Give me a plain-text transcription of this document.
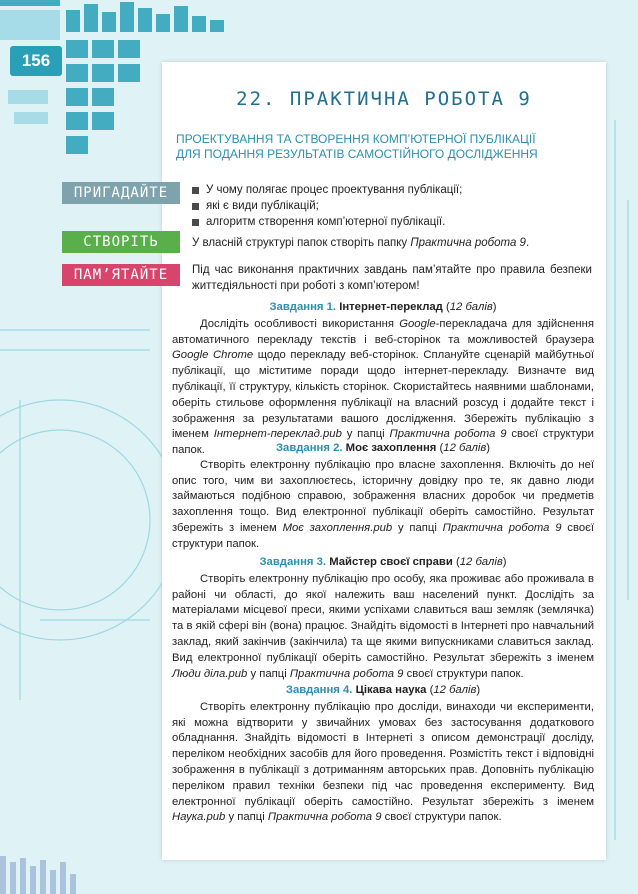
156
22. ПРАКТИЧНА РОБОТА 9
ПРОЕКТУВАННЯ ТА СТВОРЕННЯ КОМП’ЮТЕРНОЇ ПУБЛІКАЦІЇ
ДЛЯ ПОДАННЯ РЕЗУЛЬТАТІВ САМОСТІЙНОГО ДОСЛІДЖЕННЯ
ПРИГАДАЙТЕ	У чому полягає процес проектування публікації;
які є види публікацій;
алгоритм створення комп’ютерної публікації.
СТВОРІТЬ	У власній структурі папок створіть папку Практична робота 9.
ПАМ’ЯТАЙТЕ	Під час виконання практичних завдань пам’ятайте про правила безпеки життєдіяльності при роботі з комп’ютером!
Завдання 1. Інтернет-переклад (12 балів)

Дослідіть особливості використання Google-перекладача для здійснення автоматичного перекладу текстів і веб-сторінок та можливостей браузера Google Chrome щодо перекладу веб-сторінок. Сплануйте сценарій майбутньої публікації, що міститиме поради щодо інтернет-перекладу. Визначте вид публікації, її структуру, кількість сторінок. Скористайтесь наявними шаблонами, оберіть стильове оформлення публікації на власний розсуд і додайте текст і зображення за результатами вашого дослідження. Збережіть публікацію з іменем Інтернет-переклад.pub у папці Практична робота 9 своєї структури папок.	Завдання 2. Моє захоплення (12 балів)

Створіть електронну публікацію про власне захоплення. Включіть до неї опис того, чим ви захоплюєтесь, історичну довідку про те, як давно люди займаються подібною справою, зображення власних доробок чи предметів захоплення тощо. Вид електронної публікації оберіть самостійно. Результат збережіть з іменем Моє захоплення.pub у папці Практична робота 9 своєї структури папок.

Завдання 3. Майстер своєї справи (12 балів)

Створіть електронну публікацію про особу, яка проживає або проживала в районі чи області, до якої належить ваш населений пункт. Дослідіть за матеріалами місцевої преси, якими успіхами славиться ваш земляк (землячка) та в якій сфері він (вона) працює. Знайдіть відомості в Інтернеті про навчальний заклад, який закінчив (закінчила) та ще якими випускниками славиться заклад. Вид електронної публікації оберіть самостійно. Результат збережіть з іменем Люди діла.pub у папці Практична робота 9 своєї структури папок.

Завдання 4. Цікава наука (12 балів)

Створіть електронну публікацію про досліди, винаходи чи експерименти, які можна відтворити у звичайних умовах без застосування додаткового обладнання. Знайдіть відомості в Інтернеті з описом демонстрації досліду, переліком необхідних засобів для його проведення. Розмістіть текст і відповідні зображення в публікації з дотриманням авторських прав. Доповніть публікацію переліком правил техніки безпеки під час проведення експерименту. Вид електронної публікації оберіть самостійно. Результат збережіть з іменем Наука.pub у папці Практична робота 9 своєї структури папок.
